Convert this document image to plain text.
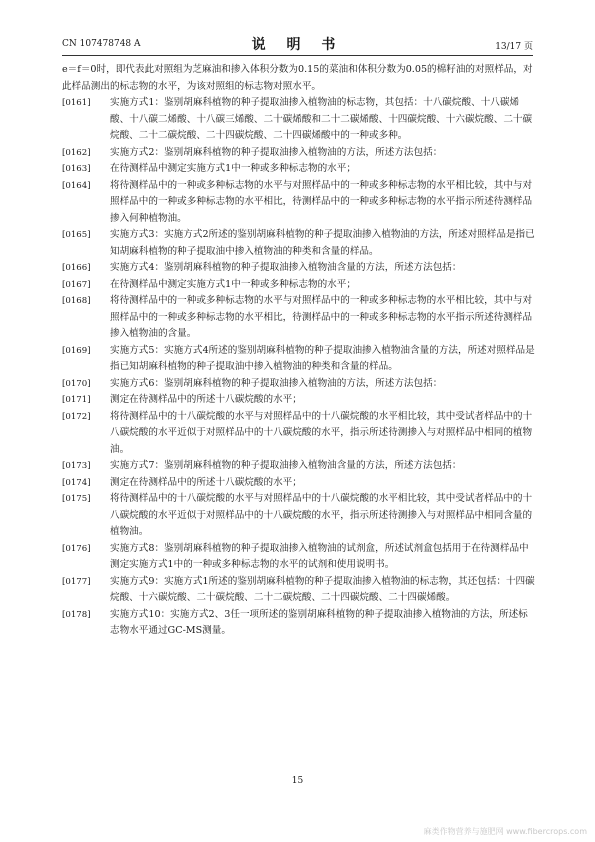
CN 107478748 A	说 明 书	13/17 页
e＝f＝0时，即代表此对照组为芝麻油和掺入体积分数为0.15的菜油和体积分数为0.05的棉籽油的对照样品，对此样品测出的标志物的水平，为该对照组的标志物对照水平。
[0161] 实施方式1：鉴别胡麻科植物的种子提取油掺入植物油的标志物，其包括：十八碳烷酸、十八碳烯酸、十八碳二烯酸、十八碳三烯酸、二十碳烯酸和二十二碳烯酸、十四碳烷酸、十六碳烷酸、二十碳烷酸、二十二碳烷酸、二十四碳烷酸、二十四碳烯酸中的一种或多种。
[0162] 实施方式2：鉴别胡麻科植物的种子提取油掺入植物油的方法，所述方法包括：
[0163] 在待测样品中测定实施方式1中一种或多种标志物的水平；
[0164] 将待测样品中的一种或多种标志物的水平与对照样品中的一种或多种标志物的水平相比较，其中与对照样品中的一种或多种标志物的水平相比，待测样品中的一种或多种标志物的水平指示所述待测样品掺入何种植物油。
[0165] 实施方式3：实施方式2所述的鉴别胡麻科植物的种子提取油掺入植物油的方法，所述对照样品是指已知胡麻科植物的种子提取油中掺入植物油的种类和含量的样品。
[0166] 实施方式4：鉴别胡麻科植物的种子提取油掺入植物油含量的方法，所述方法包括：
[0167] 在待测样品中测定实施方式1中一种或多种标志物的水平；
[0168] 将待测样品中的一种或多种标志物的水平与对照样品中的一种或多种标志物的水平相比较，其中与对照样品中的一种或多种标志物的水平相比，待测样品中的一种或多种标志物的水平指示所述待测样品掺入植物油的含量。
[0169] 实施方式5：实施方式4所述的鉴别胡麻科植物的种子提取油掺入植物油含量的方法，所述对照样品是指已知胡麻科植物的种子提取油中掺入植物油的种类和含量的样品。
[0170] 实施方式6：鉴别胡麻科植物的种子提取油掺入植物油的方法，所述方法包括：
[0171] 测定在待测样品中的所述十八碳烷酸的水平；
[0172] 将待测样品中的十八碳烷酸的水平与对照样品中的十八碳烷酸的水平相比较，其中受试者样品中的十八碳烷酸的水平近似于对照样品中的十八碳烷酸的水平，指示所述待测掺入与对照样品中相同的植物油。
[0173] 实施方式7：鉴别胡麻科植物的种子提取油掺入植物油含量的方法，所述方法包括：
[0174] 测定在待测样品中的所述十八碳烷酸的水平；
[0175] 将待测样品中的十八碳烷酸的水平与对照样品中的十八碳烷酸的水平相比较，其中受试者样品中的十八碳烷酸的水平近似于对照样品中的十八碳烷酸的水平，指示所述待测掺入与对照样品中相同含量的植物油。
[0176] 实施方式8：鉴别胡麻科植物的种子提取油掺入植物油的试剂盒，所述试剂盒包括用于在待测样品中测定实施方式1中的一种或多种标志物的水平的试剂和使用说明书。
[0177] 实施方式9：实施方式1所述的鉴别胡麻科植物的种子提取油掺入植物油的标志物，其还包括：十四碳烷酸、十六碳烷酸、二十碳烷酸、二十二碳烷酸、二十四碳烷酸、二十四碳烯酸。
[0178] 实施方式10：实施方式2、3任一项所述的鉴别胡麻科植物的种子提取油掺入植物油的方法，所述标志物水平通过GC-MS测量。
15
麻类作物营养与施肥网 www.fibercrops.com
